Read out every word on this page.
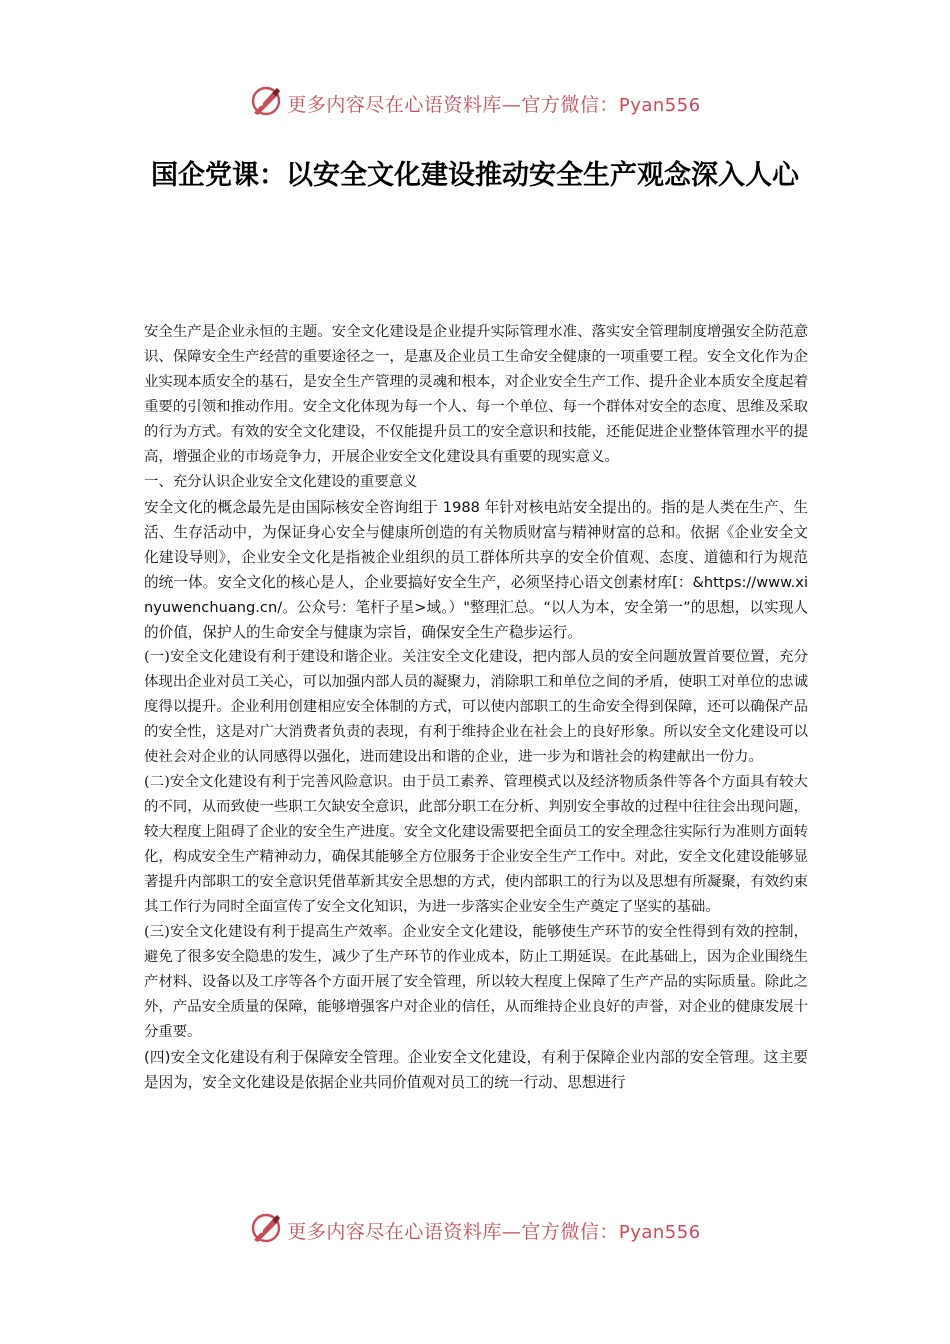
更多内容尽在心语资料库—官方微信：Pyan556
国企党课：以安全文化建设推动安全生产观念深入人心

安全生产是企业永恒的主题。安全文化建设是企业提升实际管理水准、落实安全管理制度增强安全防范意识、保障安全生产经营的重要途径之一，是惠及企业员工生命安全健康的一项重要工程。安全文化作为企业实现本质安全的基石，是安全生产管理的灵魂和根本，对企业安全生产工作、提升企业本质安全度起着重要的引领和推动作用。安全文化体现为每一个人、每一个单位、每一个群体对安全的态度、思维及采取的行为方式。有效的安全文化建设，不仅能提升员工的安全意识和技能，还能促进企业整体管理水平的提高，增强企业的市场竞争力，开展企业安全文化建设具有重要的现实意义。

一、充分认识企业安全文化建设的重要意义

安全文化的概念最先是由国际核安全咨询组于 1988 年针对核电站安全提出的。指的是人类在生产、生活、生存活动中，为保证身心安全与健康所创造的有关物质财富与精神财富的总和。依据《企业安全文化建设导则》，企业安全文化是指被企业组织的员工群体所共享的安全价值观、态度、道德和行为规范的统一体。安全文化的核心是人，企业要搞好安全生产，必须坚持心语文创素材库[：&https://www.xinyuwenchuang.cn/。公众号：笔杆子星>域。）"整理汇总。“以人为本，安全第一”的思想，以实现人的价值，保护人的生命安全与健康为宗旨，确保安全生产稳步运行。

(一)安全文化建设有利于建设和谐企业。关注安全文化建设，把内部人员的安全问题放置首要位置，充分体现出企业对员工关心，可以加强内部人员的凝聚力，消除职工和单位之间的矛盾，使职工对单位的忠诚度得以提升。企业利用创建相应安全体制的方式，可以使内部职工的生命安全得到保障，还可以确保产品的安全性，这是对广大消费者负责的表现，有利于维持企业在社会上的良好形象。所以安全文化建设可以使社会对企业的认同感得以强化，进而建设出和谐的企业，进一步为和谐社会的构建献出一份力。

(二)安全文化建设有利于完善风险意识。由于员工素养、管理模式以及经济物质条件等各个方面具有较大的不同，从而致使一些职工欠缺安全意识，此部分职工在分析、判别安全事故的过程中往往会出现问题，较大程度上阻碍了企业的安全生产进度。安全文化建设需要把全面员工的安全理念往实际行为准则方面转化，构成安全生产精神动力，确保其能够全方位服务于企业安全生产工作中。对此，安全文化建设能够显著提升内部职工的安全意识凭借革新其安全思想的方式，使内部职工的行为以及思想有所凝聚，有效约束其工作行为同时全面宣传了安全文化知识，为进一步落实企业安全生产奠定了坚实的基础。

(三)安全文化建设有利于提高生产效率。企业安全文化建设，能够使生产环节的安全性得到有效的控制，避免了很多安全隐患的发生，减少了生产环节的作业成本，防止工期延误。在此基础上，因为企业围绕生产材料、设备以及工序等各个方面开展了安全管理，所以较大程度上保障了生产产品的实际质量。除此之外，产品安全质量的保障，能够增强客户对企业的信任，从而维持企业良好的声誉，对企业的健康发展十分重要。

(四)安全文化建设有利于保障安全管理。企业安全文化建设，有利于保障企业内部的安全管理。这主要是因为，安全文化建设是依据企业共同价值观对员工的统一行动、思想进行

更多内容尽在心语资料库—官方微信：Pyan556
